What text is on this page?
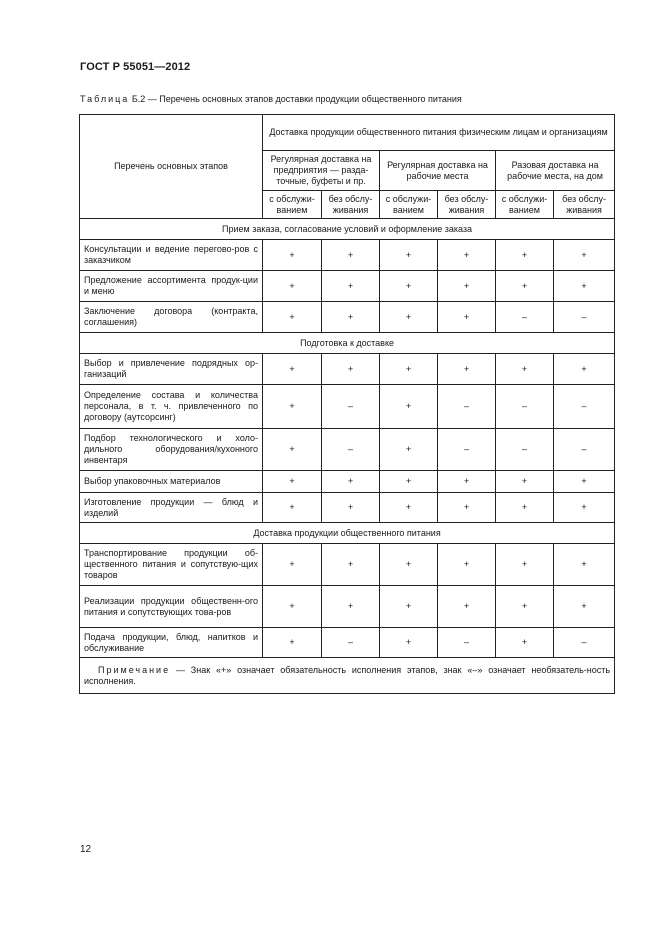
ГОСТ Р 55051—2012
Таблица Б.2 — Перечень основных этапов доставки продукции общественного питания
Перечень основных этапов	Доставка продукции общественного питания физическим лицам и организациям					
	Регулярная доставка на предприятия — разда-точные, буфеты и пр.		Регулярная доставка на рабочие места		Разовая доставка на рабочие места, на дом	
	с обслужи-ванием	без обслу-живания	с обслужи-ванием	без обслу-живания	с обслужи-ванием	без обслу-живания
Прием заказа, согласование условий и оформление заказа						
Консультации и ведение перегово-ров с заказчиком	+	+	+	+	+	+
Предложение ассортимента продук-ции и меню	+	+	+	+	+	+
Заключение договора (контракта, соглашения)	+	+	+	+	–	–
Подготовка к доставке						
Выбор и привлечение подрядных ор-ганизаций	+	+	+	+	+	+
Определение состава и количества персонала, в т. ч. привлеченного по договору (аутсорсинг)	+	–	+	–	–	–
Подбор технологического и холо-дильного оборудования/кухонного инвентаря	+	–	+	–	–	–
Выбор упаковочных материалов	+	+	+	+	+	+
Изготовление продукции — блюд и изделий	+	+	+	+	+	+
Доставка продукции общественного питания						
Транспортирование продукции об-щественного питания и сопутствую-щих товаров	+	+	+	+	+	+
Реализации продукции общественн-ого питания и сопутствующих това-ров	+	+	+	+	+	+
Подача продукции, блюд, напитков и обслуживание	+	–	+	–	+	–
Примечание — Знак «+» означает обязательность исполнения этапов, знак «–» означает необязатель-ность исполнения.						
12
